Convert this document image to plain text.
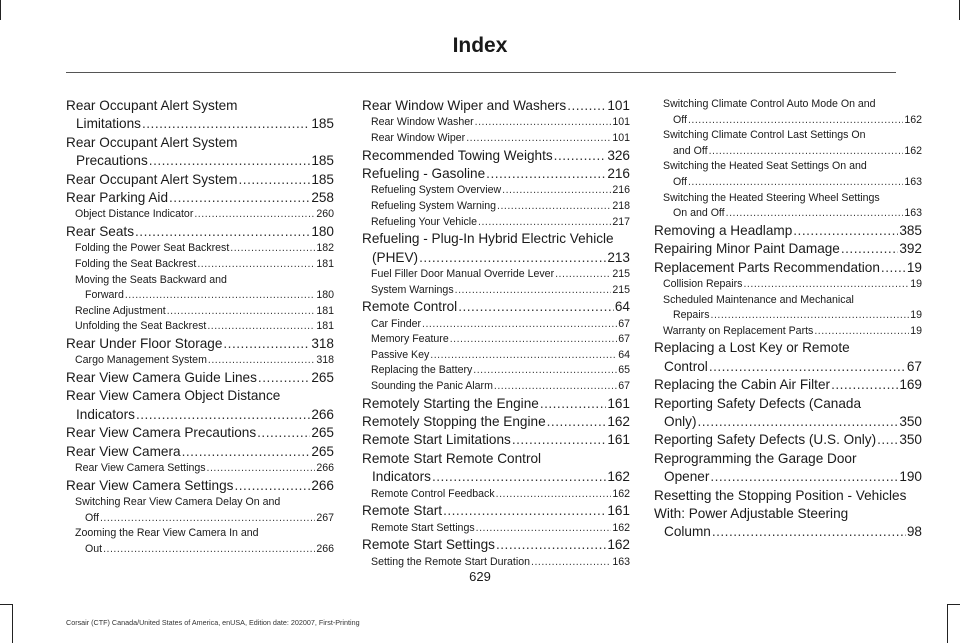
Index
Rear Occupant Alert System
Limitations .....	185
Rear Occupant Alert System
Precautions .....	185
Rear Occupant Alert System .....	185
Rear Parking Aid .....	258
Object Distance Indicator .....	260
Rear Seats .....	180
Folding the Power Seat Backrest .....	182
Folding the Seat Backrest .....	181
Moving the Seats Backward and
Forward .....	180
Recline Adjustment .....	181
Unfolding the Seat Backrest .....	181
Rear Under Floor Storage .....	318
Cargo Management System .....	318
Rear View Camera Guide Lines .....	265
Rear View Camera Object Distance
Indicators .....	266
Rear View Camera Precautions .....	265
Rear View Camera .....	265
Rear View Camera Settings .....	266
Rear View Camera Settings .....	266
Switching Rear View Camera Delay On and
Off .....	267
Zooming the Rear View Camera In and
Out .....	266
Rear Window Wiper and Washers .....	101
Rear Window Washer .....	101
Rear Window Wiper .....	101
Recommended Towing Weights .....	326
Refueling - Gasoline .....	216
Refueling System Overview .....	216
Refueling System Warning .....	218
Refueling Your Vehicle .....	217
Refueling - Plug-In Hybrid Electric Vehicle
(PHEV) .....	213
Fuel Filler Door Manual Override Lever .....	215
System Warnings .....	215
Remote Control .....	64
Car Finder .....	67
Memory Feature .....	67
Passive Key .....	64
Replacing the Battery .....	65
Sounding the Panic Alarm .....	67
Remotely Starting the Engine .....	161
Remotely Stopping the Engine .....	162
Remote Start Limitations .....	161
Remote Start Remote Control
Indicators .....	162
Remote Control Feedback .....	162
Remote Start .....	161
Remote Start Settings .....	162
Remote Start Settings .....	162
Setting the Remote Start Duration .....	163
Switching Climate Control Auto Mode On and
Off .....	162
Switching Climate Control Last Settings On
and Off .....	162
Switching the Heated Seat Settings On and
Off .....	163
Switching the Heated Steering Wheel Settings
On and Off .....	163
Removing a Headlamp .....	385
Repairing Minor Paint Damage .....	392
Replacement Parts Recommendation ..... 19
Collision Repairs .....	19
Scheduled Maintenance and Mechanical
Repairs .....	19
Warranty on Replacement Parts .....	19
Replacing a Lost Key or Remote
Control .....	67
Replacing the Cabin Air Filter .....	169
Reporting Safety Defects (Canada
Only) .....	350
Reporting Safety Defects (U.S. Only) ..... 350
Reprogramming the Garage Door
Opener .....	190
Resetting the Stopping Position - Vehicles
With: Power Adjustable Steering
Column .....	98
629
Corsair (CTF) Canada/United States of America, enUSA, Edition date: 202007, First-Printing
